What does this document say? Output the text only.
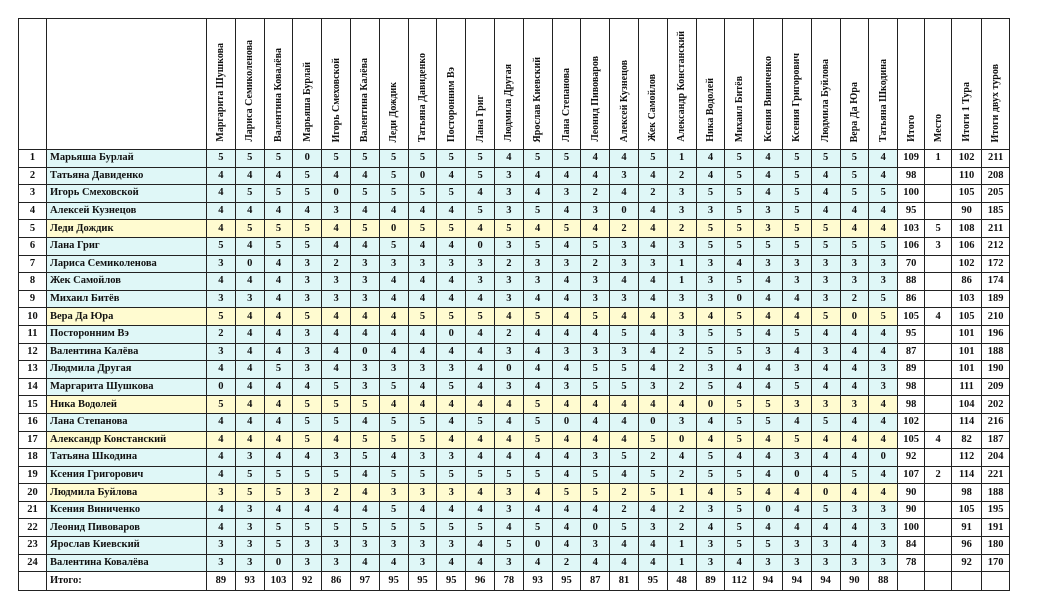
		Маргарита Шушкова	Лариса Семиколенова	Валентина Ковалёва	Марьяша Бурлай	Игорь Смеховской	Валентина Калёва	Леди Дождик	Татьяна Давиденко	Посторонним Вэ	Лана Григ	Людмила Другая	Ярослав Киевский	Лана Степанова	Леонид Пивоваров	Алексей Кузнецов	Жек Самойлов	Александр Констанский	Ника Водолей	Михаил Битёв	Ксения Виниченко	Ксения Григорович	Людмила Буйлова	Вера Да Юра	Татьяна Шкодина	Итого	Место	Итоги 1 Тура	Итоги двух туров
1	Марьяша Бурлай	5	5	5	0	5	5	5	5	5	5	4	5	5	4	4	5	1	4	5	4	5	5	5	4	109	1	102	211
2	Татьяна Давиденко	4	4	4	5	4	4	5	0	4	5	3	4	4	4	3	4	2	4	5	4	5	4	5	4	98		110	208
3	Игорь Смеховской	4	5	5	5	0	5	5	5	5	4	3	4	3	2	4	2	3	5	5	4	5	4	5	5	100		105	205
4	Алексей Кузнецов	4	4	4	4	3	4	4	4	4	5	3	5	4	3	0	4	3	3	5	3	5	4	4	4	95		90	185
5	Леди Дождик	4	5	5	5	4	5	0	5	5	4	5	4	5	4	2	4	2	5	5	3	5	5	4	4	103	5	108	211
6	Лана Григ	5	4	5	5	4	4	5	4	4	0	3	5	4	5	3	4	3	5	5	5	5	5	5	5	106	3	106	212
7	Лариса Семиколенова	3	0	4	3	2	3	3	3	3	3	2	3	3	2	3	3	1	3	4	3	3	3	3	3	70		102	172
8	Жек Самойлов	4	4	4	3	3	3	4	4	4	3	3	3	4	3	4	4	1	3	5	4	3	3	3	3	88		86	174
9	Михаил Битёв	3	3	4	3	3	3	4	4	4	4	3	4	4	3	3	4	3	3	0	4	4	3	2	5	86		103	189
10	Вера Да Юра	5	4	4	5	4	4	4	5	5	5	4	5	4	5	4	4	3	4	5	4	4	5	0	5	105	4	105	210
11	Посторонним Вэ	2	4	4	3	4	4	4	4	0	4	2	4	4	4	5	4	3	5	5	4	5	4	4	4	95		101	196
12	Валентина Калёва	3	4	4	3	4	0	4	4	4	4	3	4	3	3	3	4	2	5	5	3	4	3	4	4	87		101	188
13	Людмила Другая	4	4	5	3	4	3	3	3	3	4	0	4	4	5	5	4	2	3	4	4	3	4	4	3	89		101	190
14	Маргарита Шушкова	0	4	4	4	5	3	5	4	5	4	3	4	3	5	5	3	2	5	4	4	5	4	4	3	98		111	209
15	Ника Водолей	5	4	4	5	5	5	4	4	4	4	4	5	4	4	4	4	4	0	5	5	3	3	3	4	98		104	202
16	Лана Степанова	4	4	4	5	5	4	5	5	4	5	4	5	0	4	4	0	3	4	5	5	4	5	4	4	102		114	216
17	Александр Констанский	4	4	4	5	4	5	5	5	4	4	4	5	4	4	4	5	0	4	5	4	5	4	4	4	105	4	82	187
18	Татьяна Шкодина	4	3	4	4	3	5	4	3	3	4	4	4	4	3	5	2	4	5	4	4	3	4	4	0	92		112	204
19	Ксения Григорович	4	5	5	5	5	4	5	5	5	5	5	5	4	5	4	5	2	5	5	4	0	4	5	4	107	2	114	221
20	Людмила Буйлова	3	5	5	3	2	4	3	3	3	4	3	4	5	5	2	5	1	4	5	4	4	0	4	4	90		98	188
21	Ксения Виниченко	4	3	4	4	4	4	5	4	4	4	3	4	4	4	2	4	2	3	5	0	4	5	3	3	90		105	195
22	Леонид Пивоваров	4	3	5	5	5	5	5	5	5	5	4	5	4	0	5	3	2	4	5	4	4	4	4	3	100		91	191
23	Ярослав Киевский	3	3	5	3	3	3	3	3	3	4	5	0	4	3	4	4	1	3	5	5	3	3	4	3	84		96	180
24	Валентина Ковалёва	3	3	0	3	3	4	4	3	4	4	3	4	2	4	4	4	1	3	4	3	3	3	3	3	78		92	170
	Итого:	89	93	103	92	86	97	95	95	95	96	78	93	95	87	81	95	48	89	112	94	94	94	90	88				
